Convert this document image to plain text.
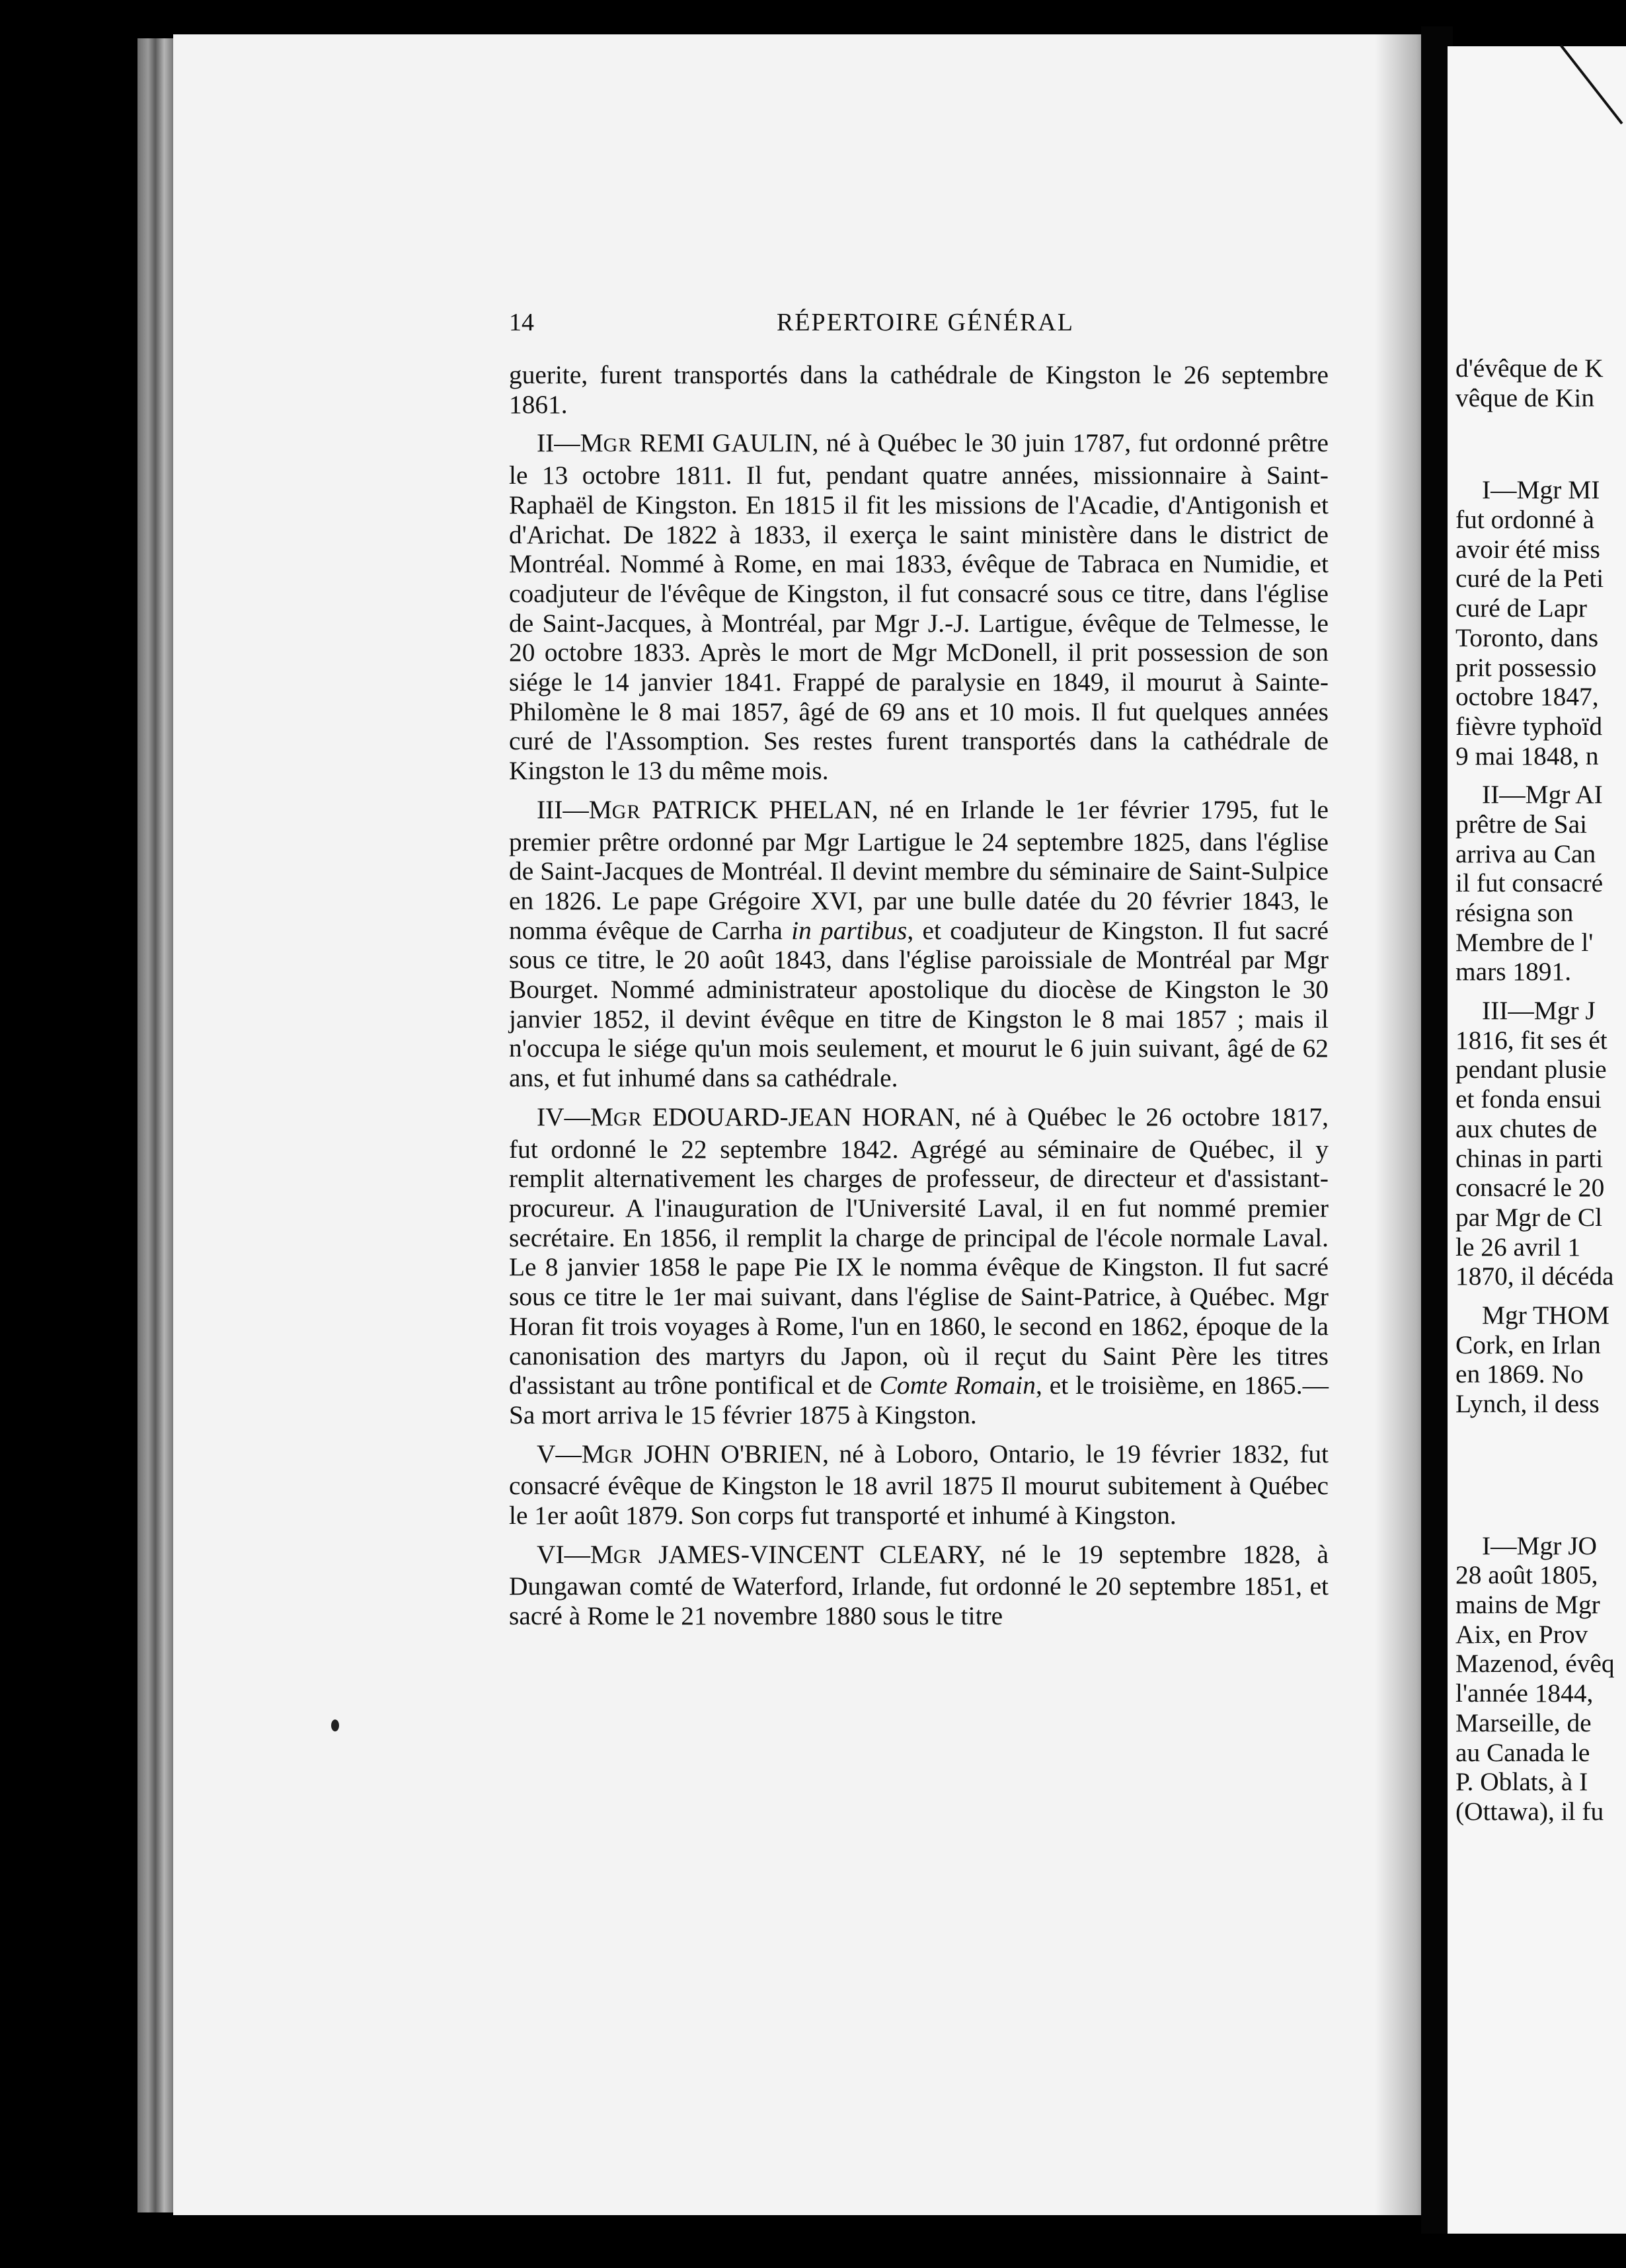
14	RÉPERTOIRE GÉNÉRAL

guerite, furent transportés dans la cathédrale de Kingston le 26 septembre 1861.

II—MGR REMI GAULIN, né à Québec le 30 juin 1787, fut ordonné prêtre le 13 octobre 1811. Il fut, pendant quatre années, missionnaire à Saint-Raphaël de Kingston. En 1815 il fit les missions de l'Acadie, d'Antigonish et d'Arichat. De 1822 à 1833, il exerça le saint ministère dans le district de Montréal. Nommé à Rome, en mai 1833, évêque de Tabraca en Numidie, et coadjuteur de l'évêque de Kingston, il fut consacré sous ce titre, dans l'église de Saint-Jacques, à Montréal, par Mgr J.-J. Lartigue, évêque de Telmesse, le 20 octobre 1833. Après le mort de Mgr McDonell, il prit possession de son siége le 14 janvier 1841. Frappé de paralysie en 1849, il mourut à Sainte-Philomène le 8 mai 1857, âgé de 69 ans et 10 mois. Il fut quelques années curé de l'Assomption. Ses restes furent transportés dans la cathédrale de Kingston le 13 du même mois.

III—MGR PATRICK PHELAN, né en Irlande le 1er février 1795, fut le premier prêtre ordonné par Mgr Lartigue le 24 septembre 1825, dans l'église de Saint-Jacques de Montréal. Il devint membre du séminaire de Saint-Sulpice en 1826. Le pape Grégoire XVI, par une bulle datée du 20 février 1843, le nomma évêque de Carrha in partibus, et coadjuteur de Kingston. Il fut sacré sous ce titre, le 20 août 1843, dans l'église paroissiale de Montréal par Mgr Bourget. Nommé administrateur apostolique du diocèse de Kingston le 30 janvier 1852, il devint évêque en titre de Kingston le 8 mai 1857 ; mais il n'occupa le siége qu'un mois seulement, et mourut le 6 juin suivant, âgé de 62 ans, et fut inhumé dans sa cathédrale.

IV—MGR EDOUARD-JEAN HORAN, né à Québec le 26 octobre 1817, fut ordonné le 22 septembre 1842. Agrégé au séminaire de Québec, il y remplit alternativement les charges de professeur, de directeur et d'assistant-procureur. A l'inauguration de l'Université Laval, il en fut nommé premier secrétaire. En 1856, il remplit la charge de principal de l'école normale Laval. Le 8 janvier 1858 le pape Pie IX le nomma évêque de Kingston. Il fut sacré sous ce titre le 1er mai suivant, dans l'église de Saint-Patrice, à Québec. Mgr Horan fit trois voyages à Rome, l'un en 1860, le second en 1862, époque de la canonisation des martyrs du Japon, où il reçut du Saint Père les titres d'assistant au trône pontifical et de Comte Romain, et le troisième, en 1865.—Sa mort arriva le 15 février 1875 à Kingston.

V—MGR JOHN O'BRIEN, né à Loboro, Ontario, le 19 février 1832, fut consacré évêque de Kingston le 18 avril 1875 Il mourut subitement à Québec le 1er août 1879. Son corps fut transporté et inhumé à Kingston.

VI—MGR JAMES-VINCENT CLEARY, né le 19 septembre 1828, à Dungawan comté de Waterford, Irlande, fut ordonné le 20 septembre 1851, et sacré à Rome le 21 novembre 1880 sous le titre

d'évêque de K
vêque de Kin
I—Mgr MI
fut ordonné à
avoir été miss
curé de la Peti
curé de Lapr
Toronto, dans
prit possessio
octobre 1847,
fièvre typhoïd
9 mai 1848, n
II—Mgr AI
prêtre de Sai
arriva au Can
il fut consacré
résigna son
Membre de l'
mars 1891.
III—Mgr J
1816, fit ses ét
pendant plusie
et fonda ensui
aux chutes de
chinas in parti
consacré le 20
par Mgr de Cl
le 26 avril 1
1870, il décéda
Mgr THOM
Cork, en Irlan
en 1869. No
Lynch, il dess
I—Mgr JO
28 août 1805,
mains de Mgr
Aix, en Prov
Mazenod, évêq
l'année 1844,
Marseille, de
au Canada le
P. Oblats, à I
(Ottawa), il fu
